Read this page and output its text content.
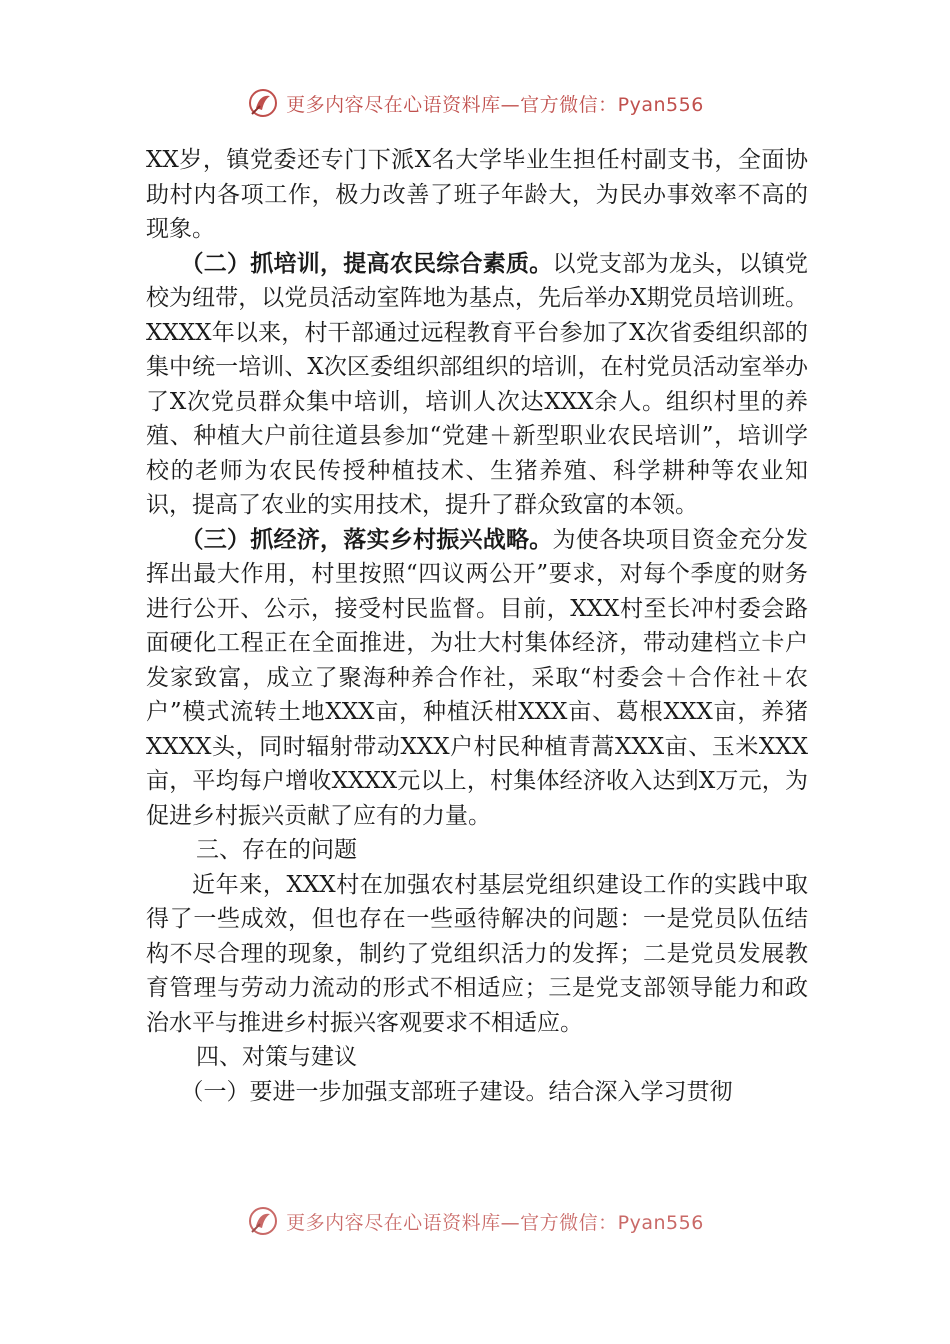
更多内容尽在心语资料库—官方微信：Pyan556

XX岁，镇党委还专门下派X名大学毕业生担任村副支书，全面协助村内各项工作，极力改善了班子年龄大，为民办事效率不高的现象。

（二）抓培训，提高农民综合素质。以党支部为龙头，以镇党校为纽带，以党员活动室阵地为基点，先后举办X期党员培训班。XXXX年以来，村干部通过远程教育平台参加了X次省委组织部的集中统一培训、X次区委组织部组织的培训，在村党员活动室举办了X次党员群众集中培训，培训人次达XXX余人。组织村里的养殖、种植大户前往道县参加“党建＋新型职业农民培训”，培训学校的老师为农民传授种植技术、生猪养殖、科学耕种等农业知识，提高了农业的实用技术，提升了群众致富的本领。

（三）抓经济，落实乡村振兴战略。为使各块项目资金充分发挥出最大作用，村里按照“四议两公开”要求，对每个季度的财务进行公开、公示，接受村民监督。目前，XXX村至长冲村委会路面硬化工程正在全面推进，为壮大村集体经济，带动建档立卡户发家致富，成立了聚海种养合作社，采取“村委会＋合作社＋农户”模式流转土地XXX亩，种植沃柑XXX亩、葛根XXX亩，养猪XXXX头，同时辐射带动XXX户村民种植青蒿XXX亩、玉米XXX亩，平均每户增收XXXX元以上，村集体经济收入达到X万元，为促进乡村振兴贡献了应有的力量。

三、存在的问题

近年来，XXX村在加强农村基层党组织建设工作的实践中取得了一些成效，但也存在一些亟待解决的问题：一是党员队伍结构不尽合理的现象，制约了党组织活力的发挥；二是党员发展教育管理与劳动力流动的形式不相适应；三是党支部领导能力和政治水平与推进乡村振兴客观要求不相适应。

四、对策与建议

（一）要进一步加强支部班子建设。结合深入学习贯彻

更多内容尽在心语资料库—官方微信：Pyan556
